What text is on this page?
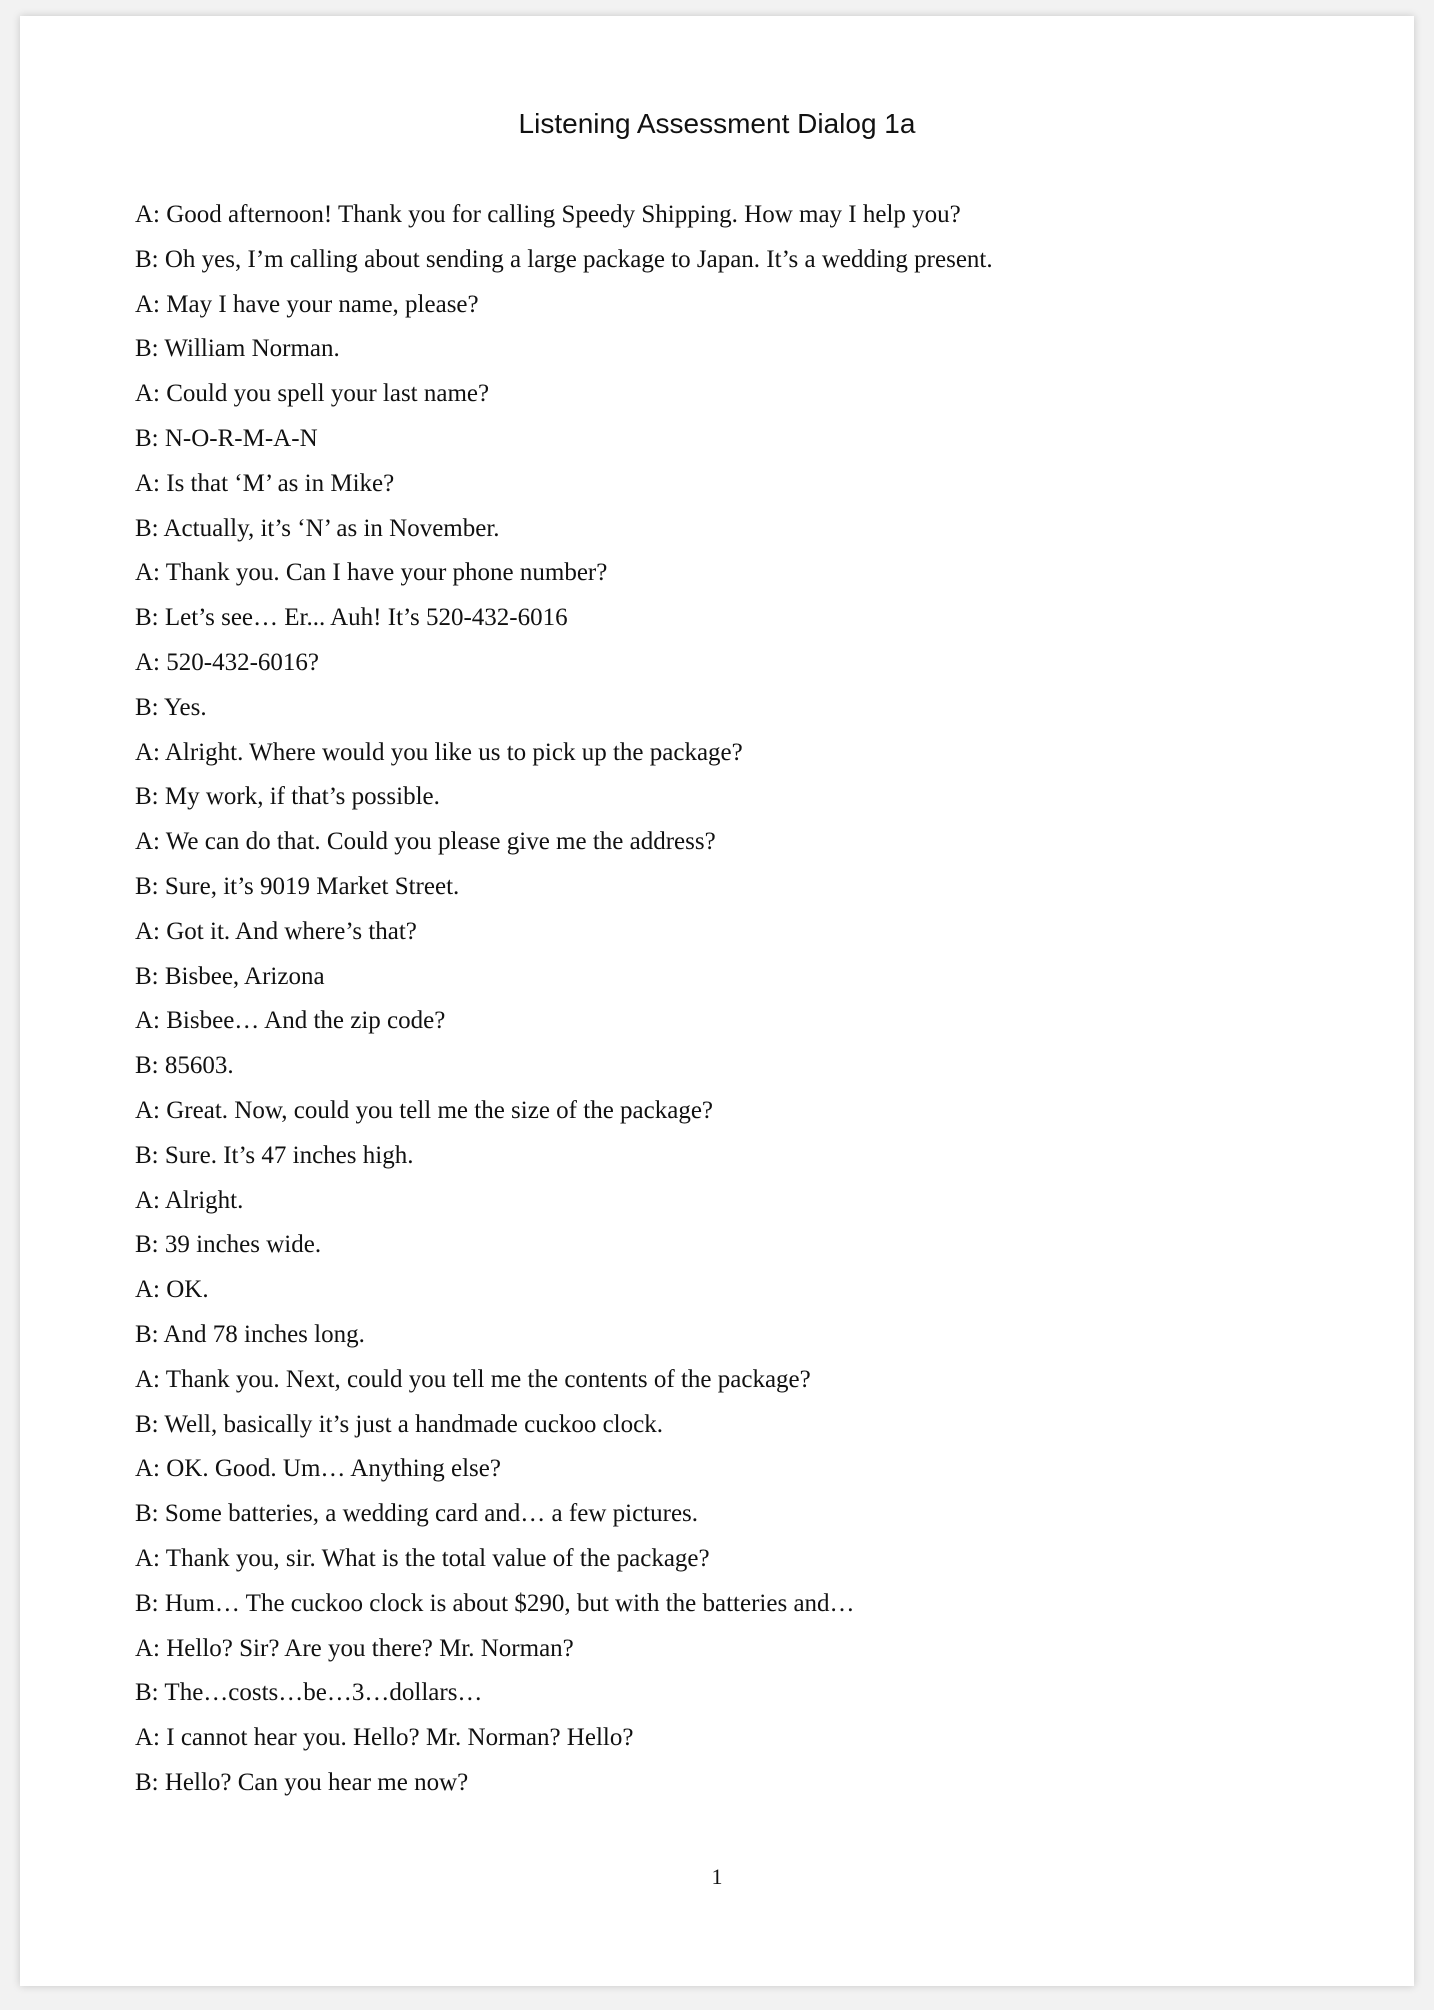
Listening Assessment Dialog 1a
A: Good afternoon! Thank you for calling Speedy Shipping. How may I help you?
B: Oh yes, I’m calling about sending a large package to Japan. It’s a wedding present.
A: May I have your name, please?
B: William Norman.
A: Could you spell your last name?
B: N-O-R-M-A-N
A: Is that ‘M’ as in Mike?
B: Actually, it’s ‘N’ as in November.
A: Thank you. Can I have your phone number?
B: Let’s see… Er... Auh! It’s 520-432-6016
A: 520-432-6016?
B: Yes.
A: Alright. Where would you like us to pick up the package?
B: My work, if that’s possible.
A: We can do that. Could you please give me the address?
B: Sure, it’s 9019 Market Street.
A: Got it. And where’s that?
B: Bisbee, Arizona
A: Bisbee… And the zip code?
B: 85603.
A: Great. Now, could you tell me the size of the package?
B: Sure. It’s 47 inches high.
A: Alright.
B: 39 inches wide.
A: OK.
B: And 78 inches long.
A: Thank you. Next, could you tell me the contents of the package?
B: Well, basically it’s just a handmade cuckoo clock.
A: OK. Good. Um… Anything else?
B: Some batteries, a wedding card and… a few pictures.
A: Thank you, sir. What is the total value of the package?
B: Hum… The cuckoo clock is about $290, but with the batteries and…
A: Hello? Sir? Are you there? Mr. Norman?
B: The…costs…be…3…dollars…
A: I cannot hear you. Hello? Mr. Norman? Hello?
B: Hello? Can you hear me now?
1
